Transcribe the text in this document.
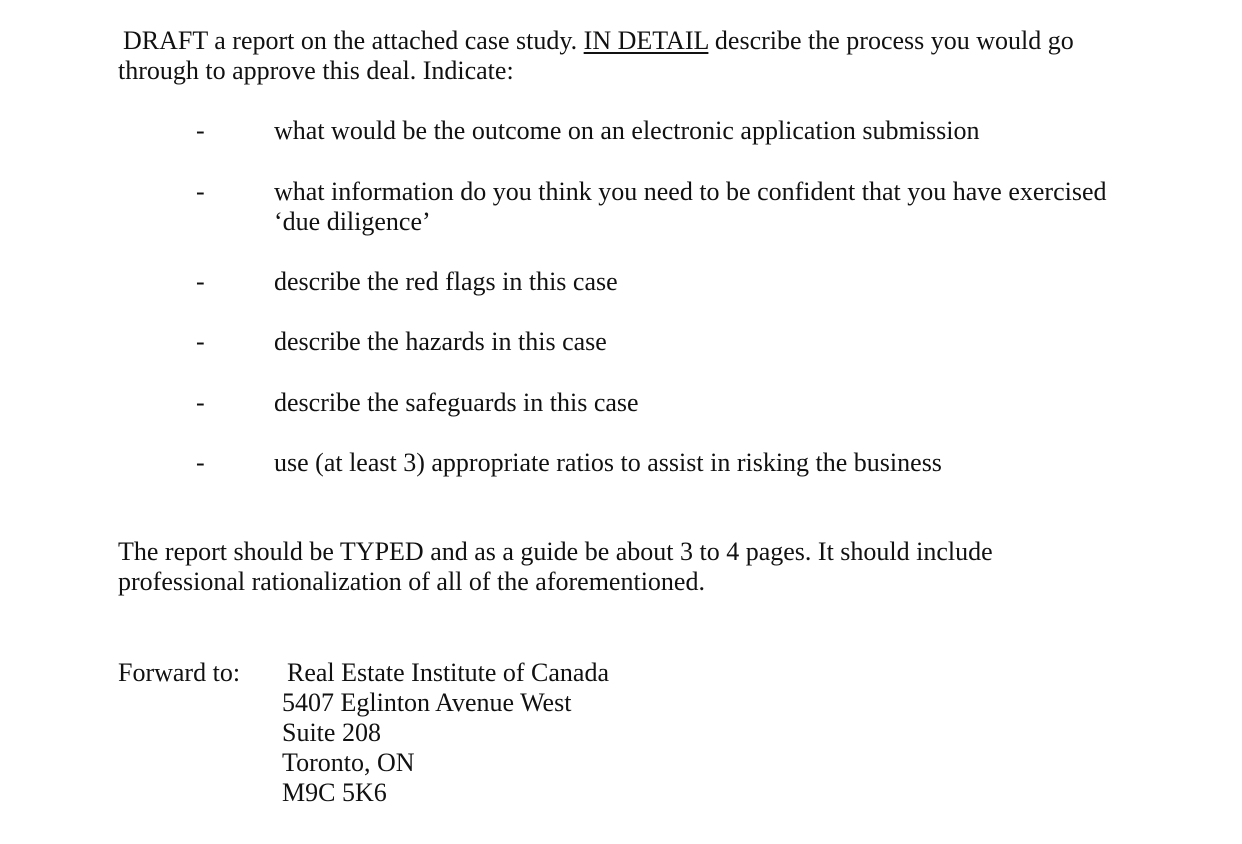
DRAFT a report on the attached case study. IN DETAIL describe the process you would go
through to approve this deal. Indicate:
-	what would be the outcome on an electronic application submission
-	what information do you think you need to be confident that you have exercised ‘due diligence’
-	describe the red flags in this case
-	describe the hazards in this case
-	describe the safeguards in this case
-	use (at least 3) appropriate ratios to assist in risking the business
The report should be TYPED and as a guide be about 3 to 4 pages. It should include
professional rationalization of all of the aforementioned.
Forward to: Real Estate Institute of Canada
5407 Eglinton Avenue West
Suite 208
Toronto, ON
M9C 5K6
